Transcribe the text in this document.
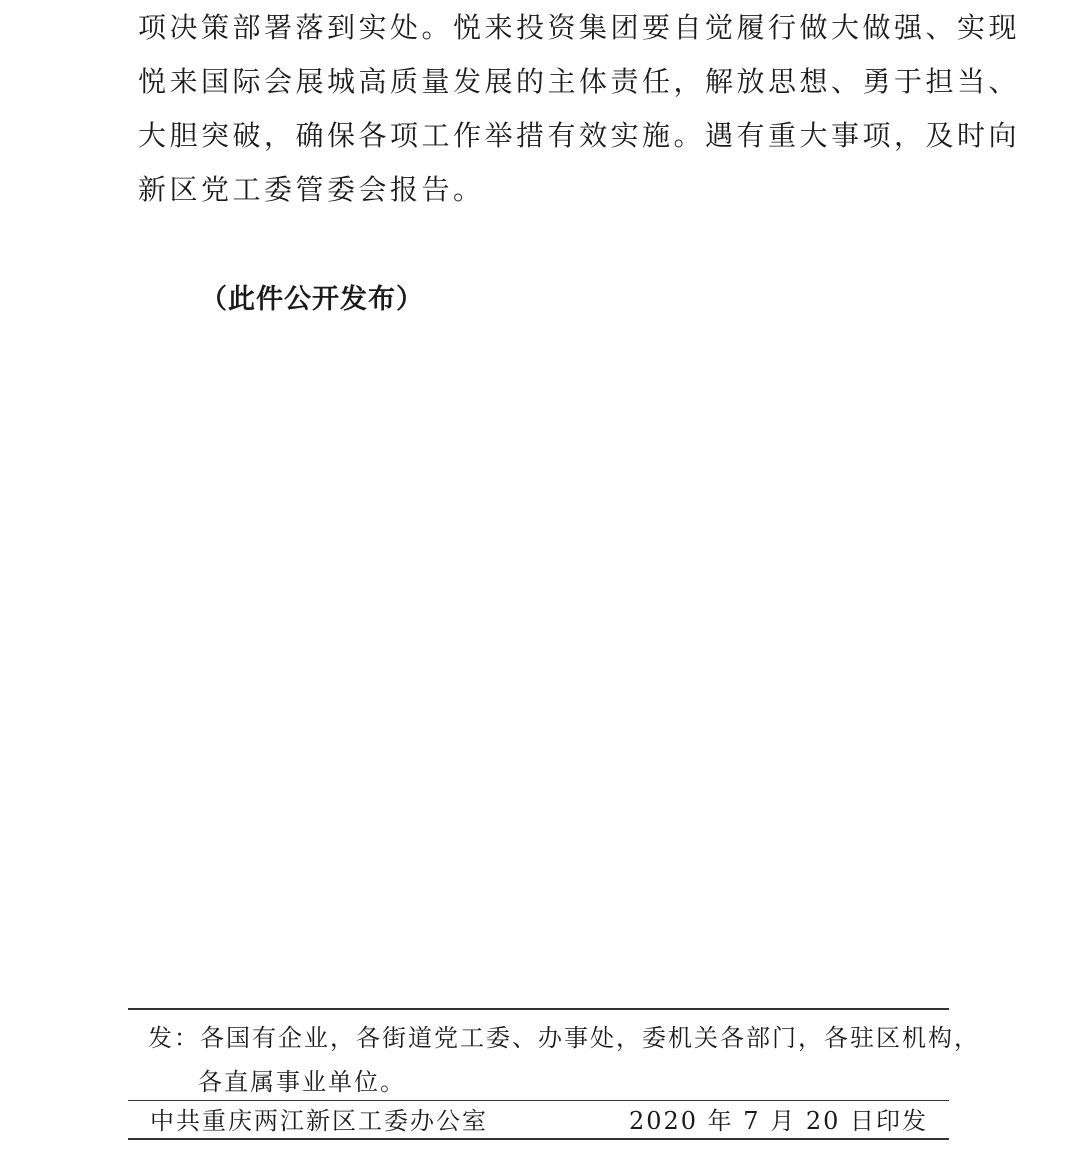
项决策部署落到实处。悦来投资集团要自觉履行做大做强、实现
悦来国际会展城高质量发展的主体责任，解放思想、勇于担当、
大胆突破，确保各项工作举措有效实施。遇有重大事项，及时向
新区党工委管委会报告。
（此件公开发布）
发：各国有企业，各街道党工委、办事处，委机关各部门，各驻区机构，
各直属事业单位。
中共重庆两江新区工委办公室	2020 年 7 月 20 日印发
